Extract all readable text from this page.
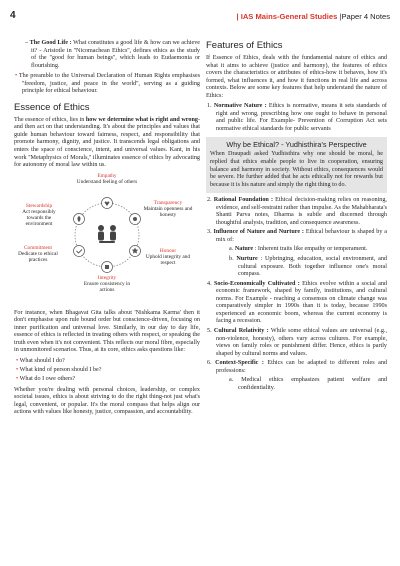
4	| IAS Mains-General Studies |Paper 4 Notes

– The Good Life : What constitutes a good life & how can we achieve it? - Aristotle in ''Nicomachean Ethics'', defines ethics as the study of the ''good for human beings'', which leads to Eudaemonia or flourishing.

• The preamble to the Universal Declaration of Human Rights emphasises ''freedom, justice, and peace in the world'', serving as a guiding principle for ethical behaviour.

Essence of Ethics

The essence of ethics, lies in how we determine what is right and wrong-and then act on that understanding. It's about the principles and values that guide human behaviour toward fairness, respect, and responsibility that promote harmony, dignity, and justice. It transcends legal obligations and enters the space of conscience, intent, and universal values. Kant, in his work ''Metaphysics of Morals,'' illuminates essence of ethics by advocating for autonomy of moral law within us.

Empathy
Understand feeling of others
Transparency
Maintain openness and honesty
Honour
Uphold integrity and respect
Integrity
Ensure consistency in actions
Commitment
Dedicate to ethical practices
Stewardship
Act responsibly towards the environment

For instance, when Bhagavat Gita talks about 'Nishkama Karma' then it don't emphasise upon rule bound order but conscience-driven, focusing on inner purification and universal love. Similarly, in our day to day life, essence of ethics is reflected in treating others with respect, or speaking the truth even when it's not convenient. This reflects our moral fibre, especially in unmonitored scenarios. Thus, at its core, ethics asks questions like:

• What should I do?
• What kind of person should I be?
• What do I owe others?

Whether you're dealing with personal choices, leadership, or complex societal issues, ethics is about striving to do the right thing-not just what's legal, convenient, or popular. It's the moral compass that helps align our actions with values like honesty, justice, compassion, and accountability.

Features of Ethics

If Essence of Ethics, deals with the fundamental nature of ethics and what it aims to achieve (justice and harmony), the features of ethics covers the characteristics or attributes of ethics-how it behaves, how it's formed, what influences it, and how it functions in real life and across contexts. Below are some key features that help understand the nature of Ethics:

1. Normative Nature : Ethics is normative, means it sets standards of right and wrong, prescribing how one ought to behave in personal and public life. For Example- Prevention of Corruption Act sets normative ethical standards for public servants
Why be Ethical? - Yudhisthira's Perspective
When Draupadi asked Yudhisthira why one should be moral, he replied that ethics enable people to live in cooperation, ensuring balance and harmony in society. Without ethics, consequences would be severe. He further added that he acts ethically not for rewards but because it is his nature and simply the right thing to do.
2. Rational Foundation : Ethical decision-making relies on reasoning, evidence, and self-restraint rather than impulse. As the Mahabharata's Shanti Parva notes, Dharma is subtle and discerned through thoughtful analysis, tradition, and consequence awareness.
3. Influence of Nature and Nurture : Ethical behaviour is shaped by a mix of:
a. Nature : Inherent traits like empathy or temperament.
b. Nurture : Upbringing, education, social environment, and cultural exposure. Both together influence one's moral compass.
4. Socio-Economically Cultivated : Ethics evolve within a social and economic framework, shaped by family, institutions, and cultural norms. For Example - reaching a consensus on climate change was comparatively simpler in 1990s than it is today, because 1990s experienced an economic boom, whereas the current economy is facing a recession.
5. Cultural Relativity : While some ethical values are universal (e.g., non-violence, honesty), others vary across cultures. For example, views on family roles or punishment differ. Hence, ethics is partly shaped by cultural norms and values.
6. Context-Specific : Ethics can be adapted to different roles and professions:
a. Medical ethics emphasizes patient welfare and confidentiality.
